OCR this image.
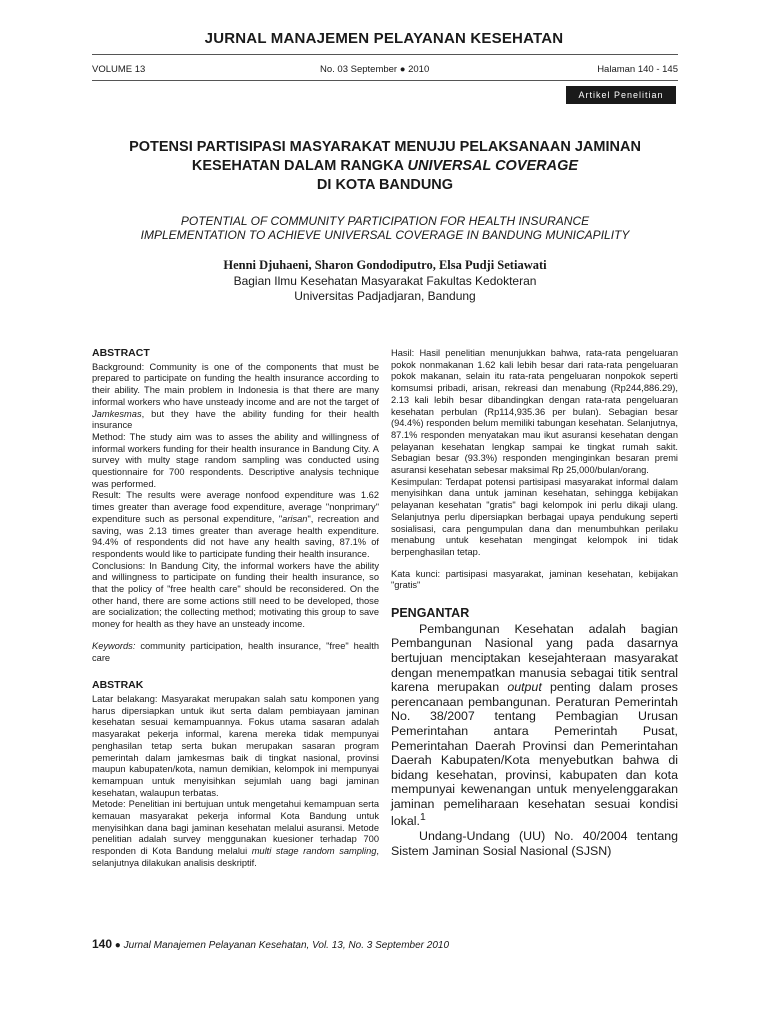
JURNAL MANAJEMEN PELAYANAN KESEHATAN
VOLUME 13	No. 03 September ● 2010	Halaman 140 - 145
Artikel Penelitian
POTENSI PARTISIPASI MASYARAKAT MENUJU PELAKSANAAN JAMINAN
KESEHATAN DALAM RANGKA UNIVERSAL COVERAGE
DI KOTA BANDUNG
POTENTIAL OF COMMUNITY PARTICIPATION FOR HEALTH INSURANCE
IMPLEMENTATION TO ACHIEVE UNIVERSAL COVERAGE IN BANDUNG MUNICAPILITY
Henni Djuhaeni, Sharon Gondodiputro, Elsa Pudji Setiawati
Bagian Ilmu Kesehatan Masyarakat Fakultas Kedokteran
Universitas Padjadjaran, Bandung
ABSTRACT

Background: Community is one of the components that must be prepared to participate on funding the health insurance according to their ability. The main problem in Indonesia is that there are many informal workers who have unsteady income and are not the target of Jamkesmas, but they have the ability funding for their health insurance

Method: The study aim was to asses the ability and willingness of informal workers funding for their health insurance in Bandung City. A survey with multy stage random sampling was conducted using questionnaire for 700 respondents. Descriptive analysis technique was performed.

Result: The results were average nonfood expenditure was 1.62 times greater than average food expenditure, average "nonprimary" expenditure such as personal expenditure, "arisan", recreation and saving, was 2.13 times greater than average health expenditure. 94.4% of respondents did not have any health saving, 87.1% of respondents would like to participate funding their health insurance.

Conclusions: In Bandung City, the informal workers have the ability and willingness to participate on funding their health insurance, so that the policy of "free health care" should be reconsidered. On the other hand, there are some actions still need to be developed, those are socialization; the collecting method; motivating this group to save money for health as they have an unsteady income.

Keywords: community participation, health insurance, "free" health care

ABSTRAK

Latar belakang: Masyarakat merupakan salah satu komponen yang harus dipersiapkan untuk ikut serta dalam pembiayaan jaminan kesehatan sesuai kemampuannya. Fokus utama sasaran adalah masyarakat pekerja informal, karena mereka tidak mempunyai penghasilan tetap serta bukan merupakan sasaran program pemerintah dalam jamkesmas baik di tingkat nasional, provinsi maupun kabupaten/kota, namun demikian, kelompok ini mempunyai kemampuan untuk menyisihkan sejumlah uang bagi jaminan kesehatan, walaupun terbatas.

Metode: Penelitian ini bertujuan untuk mengetahui kemampuan serta kemauan masyarakat pekerja informal Kota Bandung untuk menyisihkan dana bagi jaminan kesehatan melalui asuransi. Metode penelitian adalah survey menggunakan kuesioner terhadap 700 responden di Kota Bandung melalui multi stage random sampling, selanjutnya dilakukan analisis deskriptif.

Hasil: Hasil penelitian menunjukkan bahwa, rata-rata pengeluaran pokok nonmakanan 1.62 kali lebih besar dari rata-rata pengeluaran pokok makanan, selain itu rata-rata pengeluaran nonpokok seperti komsumsi pribadi, arisan, rekreasi dan menabung (Rp244,886.29), 2.13 kali lebih besar dibandingkan dengan rata-rata pengeluaran kesehatan perbulan (Rp114,935.36 per bulan). Sebagian besar (94.4%) responden belum memiliki tabungan kesehatan. Selanjutnya, 87.1% responden menyatakan mau ikut asuransi kesehatan dengan pelayanan kesehatan lengkap sampai ke tingkat rumah sakit. Sebagian besar (93.3%) responden menginginkan besaran premi asuransi kesehatan sebesar maksimal Rp 25,000/bulan/orang.

Kesimpulan: Terdapat potensi partisipasi masyarakat informal dalam menyisihkan dana untuk jaminan kesehatan, sehingga kebijakan pelayanan kesehatan "gratis" bagi kelompok ini perlu dikaji ulang. Selanjutnya perlu dipersiapkan berbagai upaya pendukung seperti sosialisasi, cara pengumpulan dana dan menumbuhkan perilaku menabung untuk kesehatan mengingat kelompok ini tidak berpenghasilan tetap.

Kata kunci: partisipasi masyarakat, jaminan kesehatan, kebijakan "gratis"

PENGANTAR

Pembangunan Kesehatan adalah bagian Pembangunan Nasional yang pada dasarnya bertujuan menciptakan kesejahteraan masyarakat dengan menempatkan manusia sebagai titik sentral karena merupakan output penting dalam proses perencanaan pembangunan. Peraturan Pemerintah No. 38/2007 tentang Pembagian Urusan Pemerintahan antara Pemerintah Pusat, Pemerintahan Daerah Provinsi dan Pemerintahan Daerah Kabupaten/Kota menyebutkan bahwa di bidang kesehatan, provinsi, kabupaten dan kota mempunyai kewenangan untuk menyelenggarakan jaminan pemeliharaan kesehatan sesuai kondisi lokal.$^1$

Undang-Undang (UU) No. 40/2004 tentang Sistem Jaminan Sosial Nasional (SJSN)

140 ● Jurnal Manajemen Pelayanan Kesehatan, Vol. 13, No. 3 September 2010
